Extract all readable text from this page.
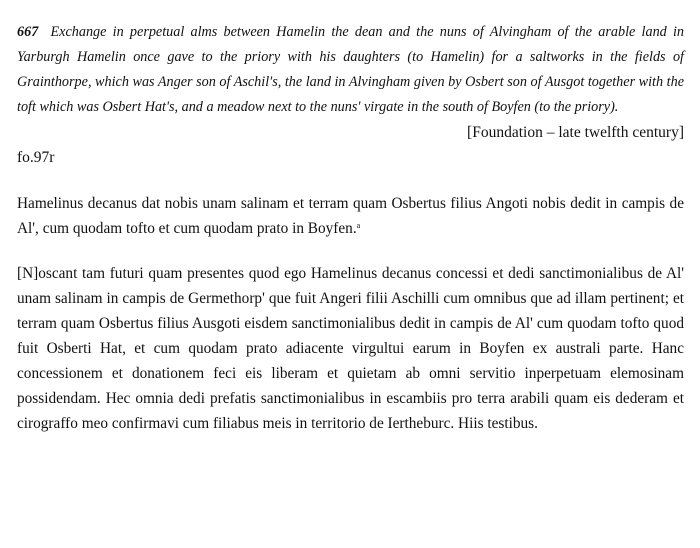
667 Exchange in perpetual alms between Hamelin the dean and the nuns of Alvingham of the arable land in Yarburgh Hamelin once gave to the priory with his daughters (to Hamelin) for a saltworks in the fields of Grainthorpe, which was Anger son of Aschil's, the land in Alvingham given by Osbert son of Ausgot together with the toft which was Osbert Hat's, and a meadow next to the nuns' virgate in the south of Boyfen (to the priory).

[Foundation – late twelfth century]

fo.97r

Hamelinus decanus dat nobis unam salinam et terram quam Osbertus filius Angoti nobis dedit in campis de Al', cum quodam tofto et cum quodam prato in Boyfen.$^a$

[N]oscant tam futuri quam presentes quod ego Hamelinus decanus concessi et dedi sanctimonialibus de Al' unam salinam in campis de Germethorp' que fuit Angeri filii Aschilli cum omnibus que ad illam pertinent; et terram quam Osbertus filius Ausgoti eisdem sanctimonialibus dedit in campis de Al' cum quodam tofto quod fuit Osberti Hat, et cum quodam prato adiacente virgultui earum in Boyfen ex australi parte. Hanc concessionem et donationem feci eis liberam et quietam ab omni servitio inperpetuam elemosinam possidendam. Hec omnia dedi prefatis sanctimonialibus in escambiis pro terra arabili quam eis dederam et cirograffo meo confirmavi cum filiabus meis in territorio de Iertheburc. Hiis testibus.
